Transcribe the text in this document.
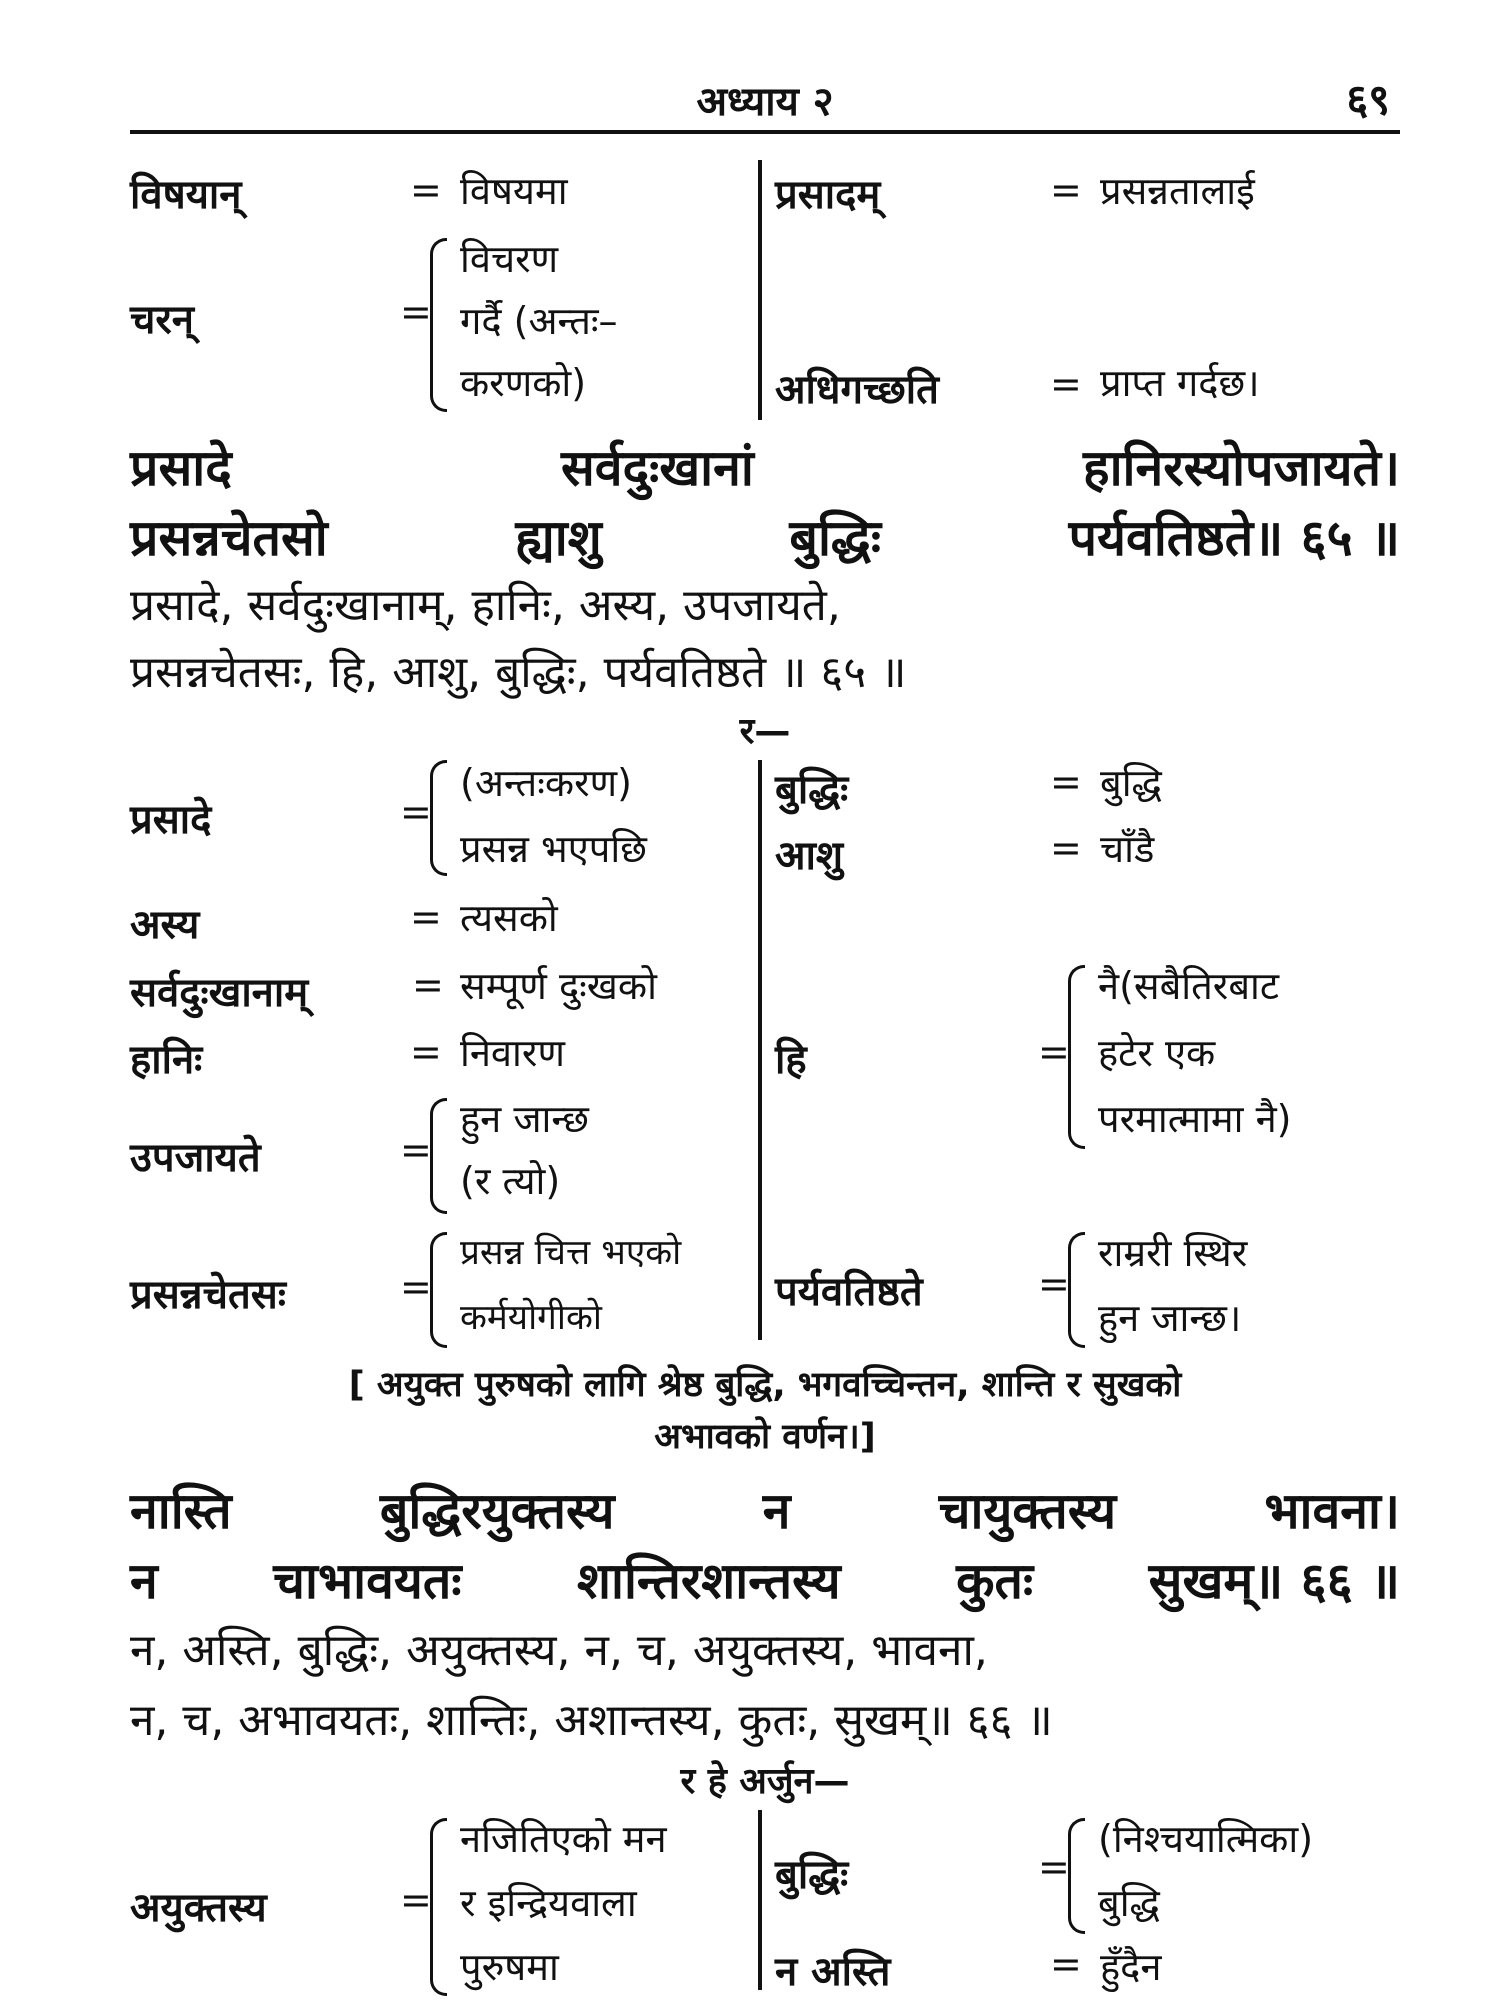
अध्याय २	६९
विषयान्	= विषयमा
चरन्	=
विचरण
गर्दै (अन्तः–
करणको)
प्रसादम्	= प्रसन्नतालाई
अधिगच्छति	= प्राप्त गर्दछ।
प्रसादे	सर्वदुःखानां	हानिरस्योपजायते।
प्रसन्नचेतसो	ह्याशु	बुद्धिः	पर्यवतिष्ठते॥ ६५ ॥
प्रसादे, सर्वदुःखानाम्, हानिः, अस्य, उपजायते,
प्रसन्नचेतसः, हि, आशु, बुद्धिः, पर्यवतिष्ठते ॥ ६५ ॥
र—
प्रसादे	=
(अन्तःकरण)
प्रसन्न भएपछि
अस्य	= त्यसको
सर्वदुःखानाम्	= सम्पूर्ण दुःखको
हानिः	= निवारण
उपजायते	=
हुन जान्छ
(र त्यो)
प्रसन्नचेतसः	=
प्रसन्न चित्त भएको
कर्मयोगीको
बुद्धिः	= बुद्धि
आशु	= चाँडै
हि	=
नै(सबैतिरबाट
हटेर एक
परमात्मामा नै)
पर्यवतिष्ठते	=
राम्ररी स्थिर
हुन जान्छ।
[ अयुक्त पुरुषको लागि श्रेष्ठ बुद्धि, भगवच्चिन्तन, शान्ति र सुखको
अभावको वर्णन।]
नास्ति	बुद्धिरयुक्तस्य	न	चायुक्तस्य	भावना।
न चाभावयतः शान्तिरशान्तस्य कुतः सुखम्॥ ६६ ॥
न, अस्ति, बुद्धिः, अयुक्तस्य, न, च, अयुक्तस्य, भावना,
न, च, अभावयतः, शान्तिः, अशान्तस्य, कुतः, सुखम्॥ ६६ ॥
र हे अर्जुन—
अयुक्तस्य	=
नजितिएको मन
र इन्द्रियवाला
पुरुषमा
बुद्धिः	=
(निश्चयात्मिका)
बुद्धि
न अस्ति	= हुँदैन
